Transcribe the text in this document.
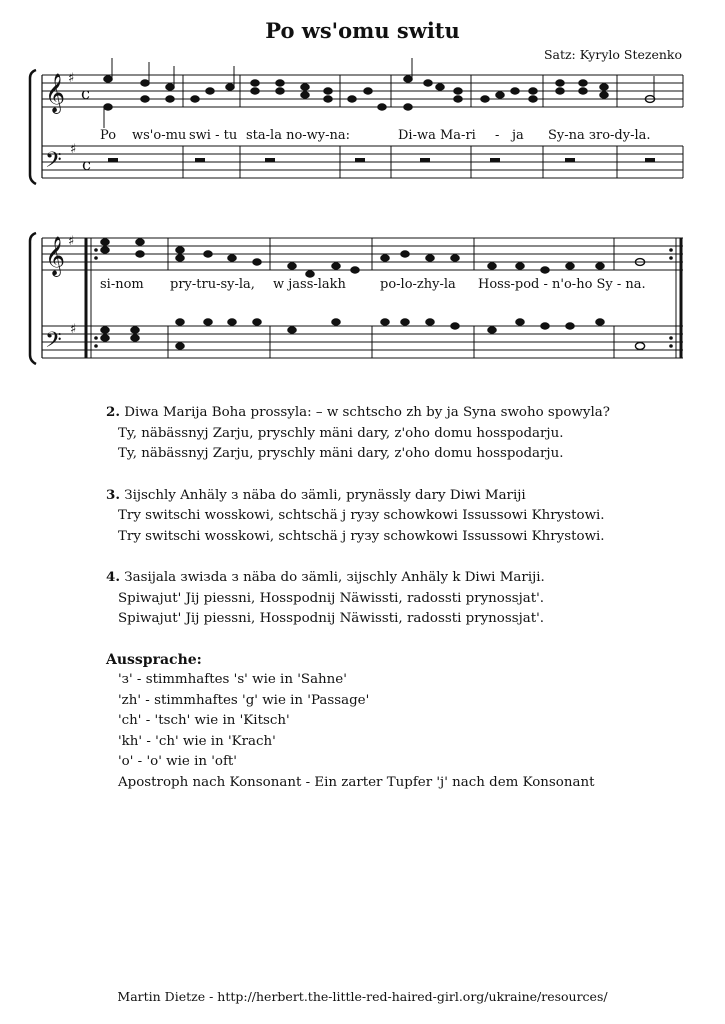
Po ws'omu switu
Satz: Kyrylo Stezenko
𝄞
𝄢
𝄞
𝄢
♯
♯
♯
♯
c
c
Po ws'o-mu swi - tu sta-la no-wy-na:	Di-wa Ma-ri - ja Sy-na зro-dy-la.
si-nom pry-tru-sy-la, w jass-lakh	po-lo-zhy-la Hoss-pod - n'o-ho Sy - na.
2. Diwa Marija Boha prossyla: – w schtscho zh by ja Syna swoho spowyla?
Ty, näbässnyj Zarju, pryschly mäni dary, z'oho domu hosspodarju.
Ty, näbässnyj Zarju, pryschly mäni dary, z'oho domu hosspodarju.
3. Зijschly Anhäly з näba do зämli, prynässly dary Diwi Mariji
Try switschi wosskowi, schtschä j ryзy schowkowi Issussowi Khrystowi.
Try switschi wosskowi, schtschä j ryзy schowkowi Issussowi Khrystowi.
4. Зasijala зwiзda з näba do зämli, зijschly Anhäly k Diwi Mariji.
Spiwajut' Jij piessni, Hosspodnij Näwissti, radossti prynossjat'.
Spiwajut' Jij piessni, Hosspodnij Näwissti, radossti prynossjat'.
Aussprache:
'з' - stimmhaftes 's' wie in 'Sahne'
'zh' - stimmhaftes 'g' wie in 'Passage'
'ch' - 'tsch' wie in 'Kitsch'
'kh' - 'ch' wie in 'Krach'
'o' - 'o' wie in 'oft'
Apostroph nach Konsonant - Ein zarter Tupfer 'j' nach dem Konsonant
Martin Dietze - http://herbert.the-little-red-haired-girl.org/ukraine/resources/
